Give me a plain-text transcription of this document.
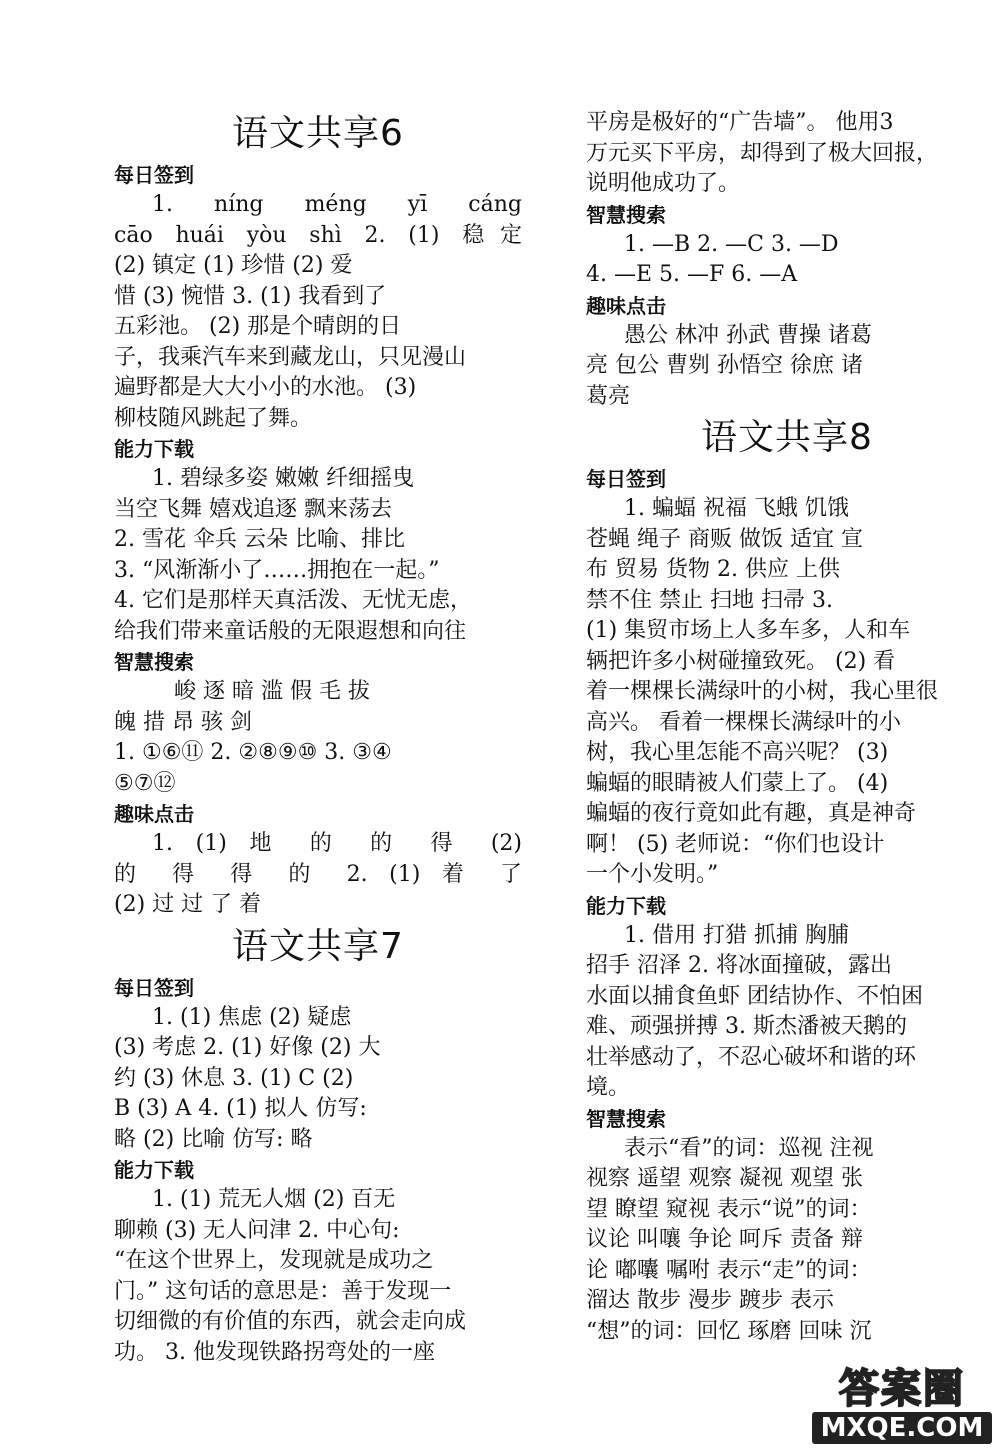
语文共享6
每日签到
1. níng méng yī cáng
cāo huái yòu shì 2. (1) 稳定
(2) 镇定 (1) 珍惜 (2) 爱
惜 (3) 惋惜 3. (1) 我看到了
五彩池。 (2) 那是个晴朗的日
子，我乘汽车来到藏龙山，只见漫山
遍野都是大大小小的水池。 (3)
柳枝随风跳起了舞。
能力下载
1. 碧绿多姿 嫩嫩 纤细摇曳
当空飞舞 嬉戏追逐 飘来荡去
2. 雪花 伞兵 云朵 比喻、排比
3. “风渐渐小了……拥抱在一起。”
4. 它们是那样天真活泼、无忧无虑，
给我们带来童话般的无限遐想和向往
智慧搜索
峻 逐 暗 滥 假 毛 拔
魄 措 昂 骇 剑
1. ①⑥⑪ 2. ②⑧⑨⑩ 3. ③④
⑤⑦⑫
趣味点击
1. (1) 地 的 的 得 (2)
的 得 得 的 2. (1) 着 了
(2) 过 过 了 着
语文共享7
每日签到
1. (1) 焦虑 (2) 疑虑
(3) 考虑 2. (1) 好像 (2) 大
约 (3) 休息 3. (1) C (2)
B (3) A 4. (1) 拟人 仿写:
略 (2) 比喻 仿写: 略
能力下载
1. (1) 荒无人烟 (2) 百无
聊赖 (3) 无人问津 2. 中心句:
“在这个世界上，发现就是成功之
门。” 这句话的意思是：善于发现一
切细微的有价值的东西，就会走向成
功。 3. 他发现铁路拐弯处的一座
平房是极好的“广告墙”。 他用3
万元买下平房，却得到了极大回报，
说明他成功了。
智慧搜索
1. —B 2. —C 3. —D
4. —E 5. —F 6. —A
趣味点击
愚公 林冲 孙武 曹操 诸葛
亮 包公 曹刿 孙悟空 徐庶 诸
葛亮
语文共享8
每日签到
1. 蝙蝠 祝福 飞蛾 饥饿
苍蝇 绳子 商贩 做饭 适宜 宣
布 贸易 货物 2. 供应 上供
禁不住 禁止 扫地 扫帚 3.
(1) 集贸市场上人多车多，人和车
辆把许多小树碰撞致死。 (2) 看
着一棵棵长满绿叶的小树，我心里很
高兴。 看着一棵棵长满绿叶的小
树，我心里怎能不高兴呢？ (3)
蝙蝠的眼睛被人们蒙上了。 (4)
蝙蝠的夜行竟如此有趣，真是神奇
啊！ (5) 老师说：“你们也设计
一个小发明。”
能力下载
1. 借用 打猎 抓捕 胸脯
招手 沼泽 2. 将冰面撞破，露出
水面以捕食鱼虾 团结协作、不怕困
难、顽强拼搏 3. 斯杰潘被天鹅的
壮举感动了，不忍心破坏和谐的环
境。
智慧搜索
表示“看”的词：巡视 注视
视察 遥望 观察 凝视 观望 张
望 瞭望 窥视 表示“说”的词：
议论 叫嚷 争论 呵斥 责备 辩
论 嘟囔 嘱咐 表示“走”的词：
溜达 散步 漫步 踱步 表示
“想”的词：回忆 琢磨 回味 沉
答案圈
MXQE.COM
